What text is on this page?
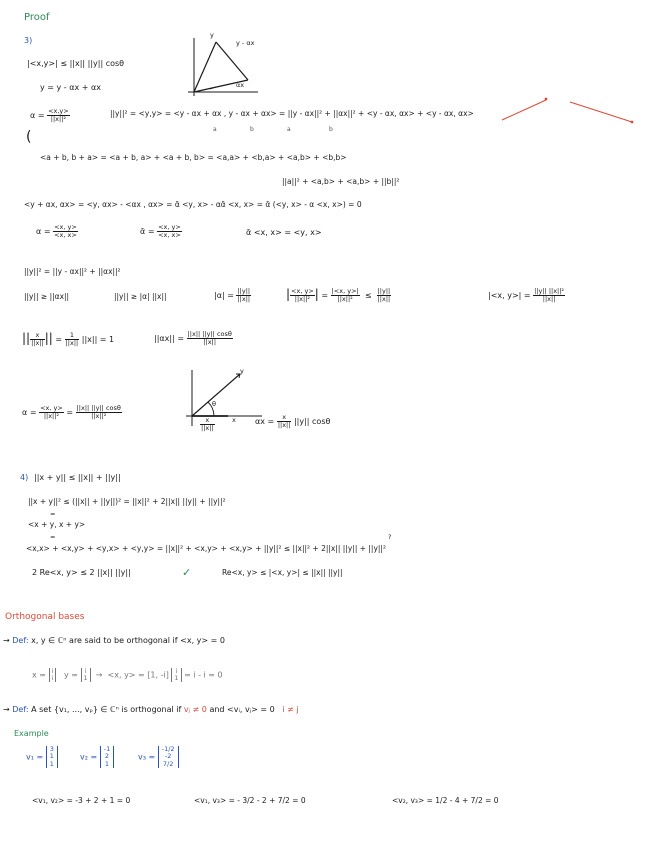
Proof
3)
|<x,y>| ≤ ||x|| ||y|| cosθ
y = y - αx + αx
y
y - αx
αx
$\alpha = \frac{<x,y>}{\text{||x||²}}$	||y||² = <y,y> = <y - αx + αx , y - αx + αx> = ||y - αx||² + ||αx||² + <y - αx, αx> + <y - αx, αx>
a	b	a	b
(
<a + b, b + a> = <a + b, a> + <a + b, b> = <a,a> + <b,a> + <a,b> + <b,b>
||a||² + <a,b> + <a,b> + ||b||²
<y + αx, αx> = <y, αx> - <αx , αx> = ᾱ <y, x> - αᾱ <x, x> = ᾱ (<y, x> - α <x, x>) = 0
$\alpha = \frac{<x, y>}{<x, x>}$	ᾱ = $\frac{<x, y>}{<x, x>}$	ᾱ <x, x> = <y, x>
||y||² = ||y - αx||² + ||αx||²
||y|| ≥ ||αx||	||y|| ≥ |α| ||x||	$|\alpha| = \frac{||y||}{||x||}$	| $\frac{<x, y>}{\text{||x||²}}$ | = $\frac{|<x, y>|}{\text{||x||²}} \le \frac{||y||}{||x||}$	|<x, $y>| = \frac{\text{||y|| ||x||²}}{||x||}$
|| $\frac{x}{||x||}$ || = $\frac{1}{||x||} ||x|| = 1$	$||\alpha x|| = \frac{||x|| ||y|| \cos\theta}{||x||}$
$\alpha = \frac{<x, y>}{\text{||x||²}} = \frac{||x|| ||y|| \cos\theta}{\text{||x||²}}$
y
θ
x
$\frac{x}{||x||}$	$\alpha x = \frac{x}{||x||} ||y||$ cosθ
4) ||x + y|| ≤ ||x|| + ||y||
||x + y||² ≤ (||x|| + ||y||)² = ||x||² + 2||x|| ||y|| + ||y||²
=
<x + y, x + y>
=
<x,x> + <x,y> + <y,x> + <y,y> = ||x||² + <x,y> + <x,y> + ||y||² ≤ ||x||² + 2||x|| ||y|| + ||y||²
?
2 Re<x, y> ≤ 2 ||x|| ||y||	✓	Re<x, y> ≤ |<x, y>| ≤ ||x|| ||y||
Orthogonal bases
→ Def: x, y ∈ ℂⁿ are said to be orthogonal if <x, y> = 0
x = i
i y = i
1 → <x, y> = [1, -i] i
1 = i - i = 0
→ Def: A set {v₁, ..., vₚ} ∈ ℂⁿ is orthogonal if vⱼ ≠ 0 and <vᵢ, vⱼ> = 0 i ≠ j
Example
v₁ =
3
1
1
v₂ =
-1
2
1
v₃ =
-1/2
-2
7/2
<v₁, v₂> = -3 + 2 + 1 = 0	<v₁, v₃> = - 3/2 - 2 + 7/2 = 0	<v₂, v₃> = 1/2 - 4 + 7/2 = 0
